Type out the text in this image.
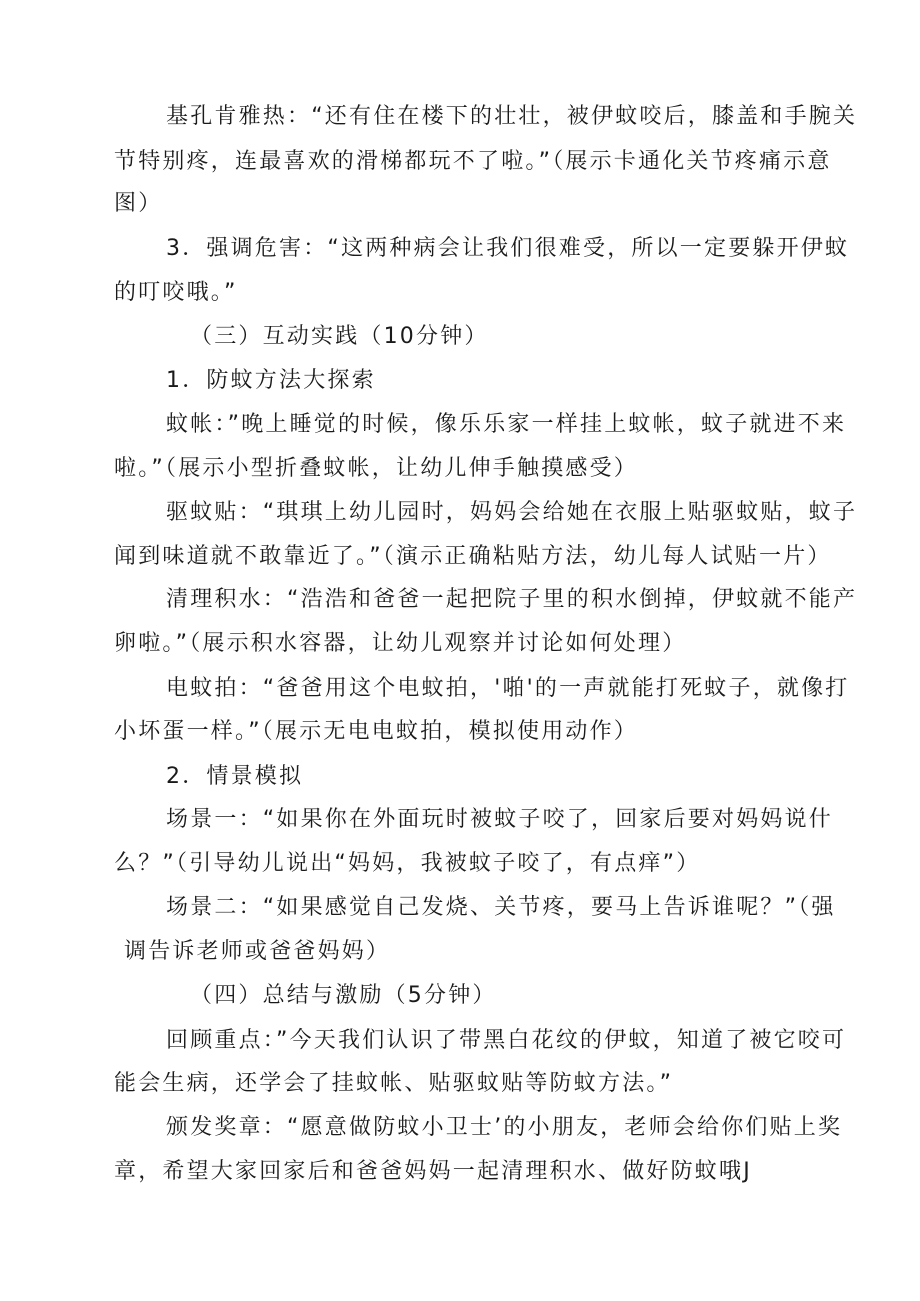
基孔肯雅热：“还有住在楼下的壮壮，被伊蚊咬后，膝盖和手腕关
节特别疼，连最喜欢的滑梯都玩不了啦。”（展示卡通化关节疼痛示意
图）
3．强调危害：“这两种病会让我们很难受，所以一定要躲开伊蚊
的叮咬哦。”
（三）互动实践（10分钟）
1．防蚊方法大探索
蚊帐：”晚上睡觉的时候，像乐乐家一样挂上蚊帐，蚊子就进不来
啦。”（展示小型折叠蚊帐，让幼儿伸手触摸感受）
驱蚊贴：“琪琪上幼儿园时，妈妈会给她在衣服上贴驱蚊贴，蚊子
闻到味道就不敢靠近了。”（演示正确粘贴方法，幼儿每人试贴一片）
清理积水：“浩浩和爸爸一起把院子里的积水倒掉，伊蚊就不能产
卵啦。”（展示积水容器，让幼儿观察并讨论如何处理）
电蚊拍：“爸爸用这个电蚊拍，'啪'的一声就能打死蚊子，就像打
小坏蛋一样。”（展示无电电蚊拍，模拟使用动作）
2．情景模拟
场景一：“如果你在外面玩时被蚊子咬了，回家后要对妈妈说什
么？”（引导幼儿说出“妈妈，我被蚊子咬了，有点痒”）
场景二：“如果感觉自己发烧、关节疼，要马上告诉谁呢？”（强
调告诉老师或爸爸妈妈）
（四）总结与激励（5分钟）
回顾重点：”今天我们认识了带黑白花纹的伊蚊，知道了被它咬可
能会生病，还学会了挂蚊帐、贴驱蚊贴等防蚊方法。”
颁发奖章：“愿意做防蚊小卫士’的小朋友，老师会给你们贴上奖
章，希望大家回家后和爸爸妈妈一起清理积水、做好防蚊哦J
